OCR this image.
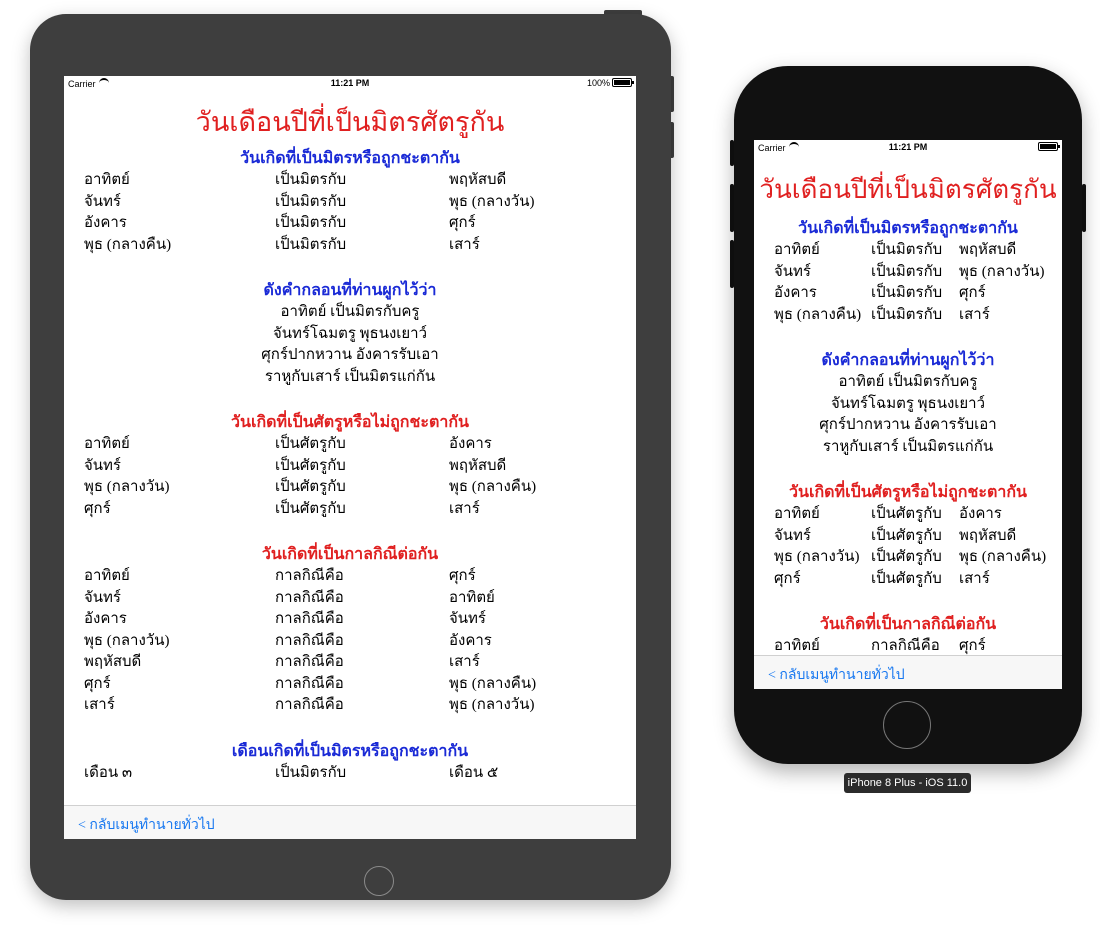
Carrier	11:21 PM	100%
วันเดือนปีที่เป็นมิตรศัตรูกัน
วันเกิดที่เป็นมิตรหรือถูกชะตากัน
อาทิตย์	เป็นมิตรกับ	พฤหัสบดี
จันทร์	เป็นมิตรกับ	พุธ (กลางวัน)
อังคาร	เป็นมิตรกับ	ศุกร์
พุธ (กลางคืน)	เป็นมิตรกับ	เสาร์
ดังคำกลอนที่ท่านผูกไว้ว่า
อาทิตย์ เป็นมิตรกับครู
จันทร์โฉมตรู พุธนงเยาว์
ศุกร์ปากหวาน อังคารรับเอา
ราหูกับเสาร์ เป็นมิตรแก่กัน
วันเกิดที่เป็นศัตรูหรือไม่ถูกชะตากัน
อาทิตย์	เป็นศัตรูกับ	อังคาร
จันทร์	เป็นศัตรูกับ	พฤหัสบดี
พุธ (กลางวัน)	เป็นศัตรูกับ	พุธ (กลางคืน)
ศุกร์	เป็นศัตรูกับ	เสาร์
วันเกิดที่เป็นกาลกิณีต่อกัน
อาทิตย์	กาลกิณีคือ	ศุกร์
จันทร์	กาลกิณีคือ	อาทิตย์
อังคาร	กาลกิณีคือ	จันทร์
พุธ (กลางวัน)	กาลกิณีคือ	อังคาร
พฤหัสบดี	กาลกิณีคือ	เสาร์
ศุกร์	กาลกิณีคือ	พุธ (กลางคืน)
เสาร์	กาลกิณีคือ	พุธ (กลางวัน)
เดือนเกิดที่เป็นมิตรหรือถูกชะตากัน
เดือน ๓	เป็นมิตรกับ	เดือน ๕
< กลับเมนูทำนายทั่วไป
Carrier	11:21 PM
วันเดือนปีที่เป็นมิตรศัตรูกัน
วันเกิดที่เป็นมิตรหรือถูกชะตากัน
อาทิตย์	เป็นมิตรกับ	พฤหัสบดี
จันทร์	เป็นมิตรกับ	พุธ (กลางวัน)
อังคาร	เป็นมิตรกับ	ศุกร์
พุธ (กลางคืน) เป็นมิตรกับ	เสาร์
ดังคำกลอนที่ท่านผูกไว้ว่า
อาทิตย์ เป็นมิตรกับครู
จันทร์โฉมตรู พุธนงเยาว์
ศุกร์ปากหวาน อังคารรับเอา
ราหูกับเสาร์ เป็นมิตรแก่กัน
วันเกิดที่เป็นศัตรูหรือไม่ถูกชะตากัน
อาทิตย์	เป็นศัตรูกับ	อังคาร
จันทร์	เป็นศัตรูกับ	พฤหัสบดี
พุธ (กลางวัน) เป็นศัตรูกับ	พุธ (กลางคืน)
ศุกร์	เป็นศัตรูกับ	เสาร์
วันเกิดที่เป็นกาลกิณีต่อกัน
อาทิตย์	กาลกิณีคือ	ศุกร์
< กลับเมนูทำนายทั่วไป
iPhone 8 Plus - iOS 11.0
